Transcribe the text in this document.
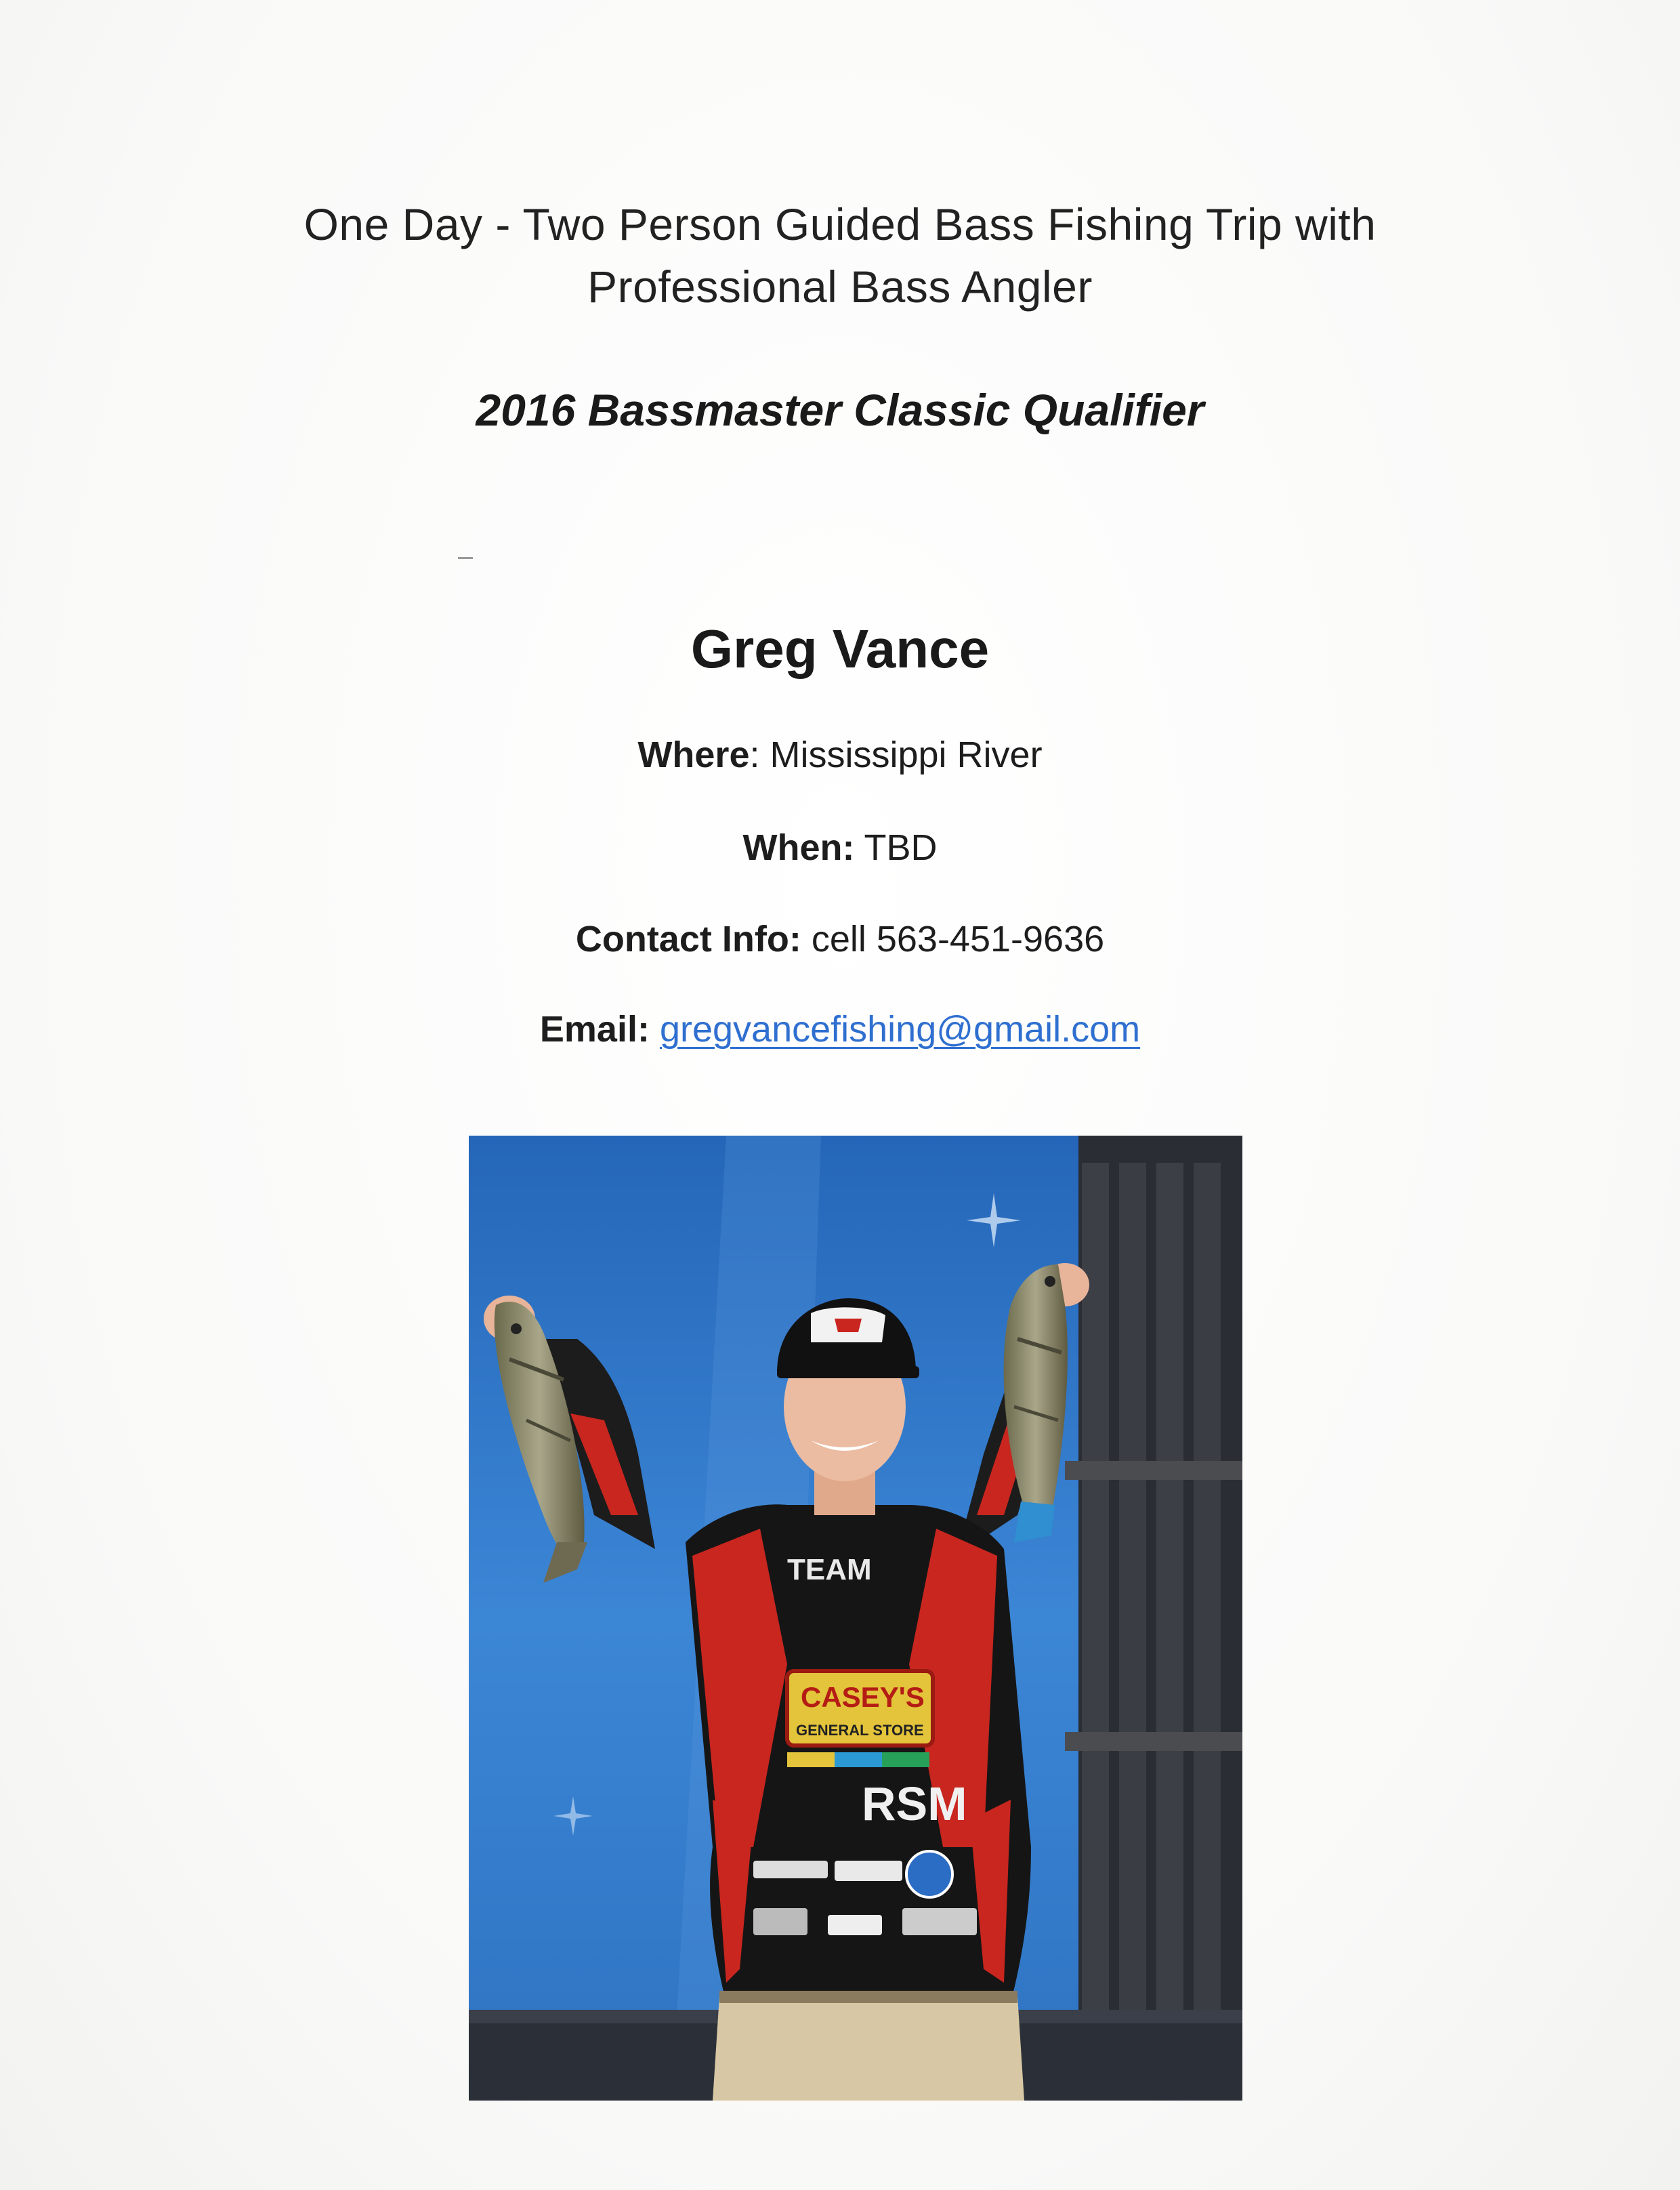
One Day - Two Person Guided Bass Fishing Trip with
Professional Bass Angler
2016 Bassmaster Classic Qualifier
Greg Vance
Where: Mississippi River
When: TBD
Contact Info: cell 563-451-9636
Email: gregvancefishing@gmail.com
TEAM
CASEY'S
GENERAL STORE
RSM
